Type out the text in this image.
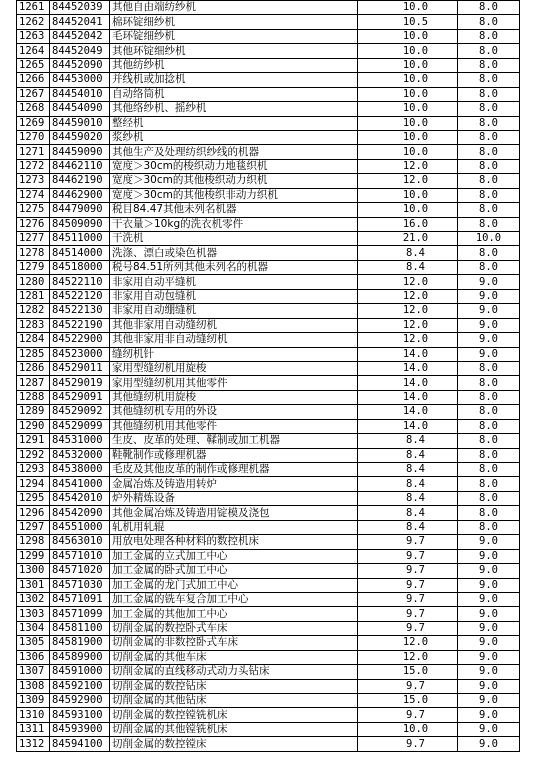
1261	84452039	其他自由端纺纱机	10.0	8.0
1262	84452041	棉环锭细纱机	10.5	8.0
1263	84452042	毛环锭细纱机	10.0	8.0
1264	84452049	其他环锭细纱机	10.0	8.0
1265	84452090	其他纺纱机	10.0	8.0
1266	84453000	并线机或加捻机	10.0	8.0
1267	84454010	自动络筒机	10.0	8.0
1268	84454090	其他络纱机、摇纱机	10.0	8.0
1269	84459010	整经机	10.0	8.0
1270	84459020	浆纱机	10.0	8.0
1271	84459090	其他生产及处理纺织纱线的机器	10.0	8.0
1272	84462110	宽度＞30cm的梭织动力地毯织机	12.0	8.0
1273	84462190	宽度＞30cm的其他梭织动力织机	12.0	8.0
1274	84462900	宽度＞30cm的其他梭织非动力织机	10.0	8.0
1275	84479090	税目84.47其他未列名机器	10.0	8.0
1276	84509090	干衣量＞10kg的洗衣机零件	16.0	8.0
1277	84511000	干洗机	21.0	10.0
1278	84514000	洗涤、漂白或染色机器	8.4	8.0
1279	84518000	税号84.51所列其他未列名的机器	8.4	8.0
1280	84522110	非家用自动平缝机	12.0	9.0
1281	84522120	非家用自动包缝机	12.0	9.0
1282	84522130	非家用自动绷缝机	12.0	9.0
1283	84522190	其他非家用自动缝纫机	12.0	9.0
1284	84522900	其他非家用非自动缝纫机	12.0	9.0
1285	84523000	缝纫机针	14.0	9.0
1286	84529011	家用型缝纫机用旋梭	14.0	8.0
1287	84529019	家用型缝纫机用其他零件	14.0	8.0
1288	84529091	其他缝纫机用旋梭	14.0	8.0
1289	84529092	其他缝纫机专用的外设	14.0	8.0
1290	84529099	其他缝纫机用其他零件	14.0	8.0
1291	84531000	生皮、皮革的处理、鞣制或加工机器	8.4	8.0
1292	84532000	鞋靴制作或修理机器	8.4	8.0
1293	84538000	毛皮及其他皮革的制作或修理机器	8.4	8.0
1294	84541000	金属冶炼及铸造用转炉	8.4	8.0
1295	84542010	炉外精炼设备	8.4	8.0
1296	84542090	其他金属冶炼及铸造用锭模及浇包	8.4	8.0
1297	84551000	轧机用轧辊	8.4	8.0
1298	84563010	用放电处理各种材料的数控机床	9.7	9.0
1299	84571010	加工金属的立式加工中心	9.7	9.0
1300	84571020	加工金属的卧式加工中心	9.7	9.0
1301	84571030	加工金属的龙门式加工中心	9.7	9.0
1302	84571091	加工金属的铣车复合加工中心	9.7	9.0
1303	84571099	加工金属的其他加工中心	9.7	9.0
1304	84581100	切削金属的数控卧式车床	9.7	9.0
1305	84581900	切削金属的非数控卧式车床	12.0	9.0
1306	84589900	切削金属的其他车床	12.0	9.0
1307	84591000	切削金属的直线移动式动力头钻床	15.0	9.0
1308	84592100	切削金属的数控钻床	9.7	9.0
1309	84592900	切削金属的其他钻床	15.0	9.0
1310	84593100	切削金属的数控镗铣机床	9.7	9.0
1311	84593900	切削金属的其他镗铣机床	10.0	9.0
1312	84594100	切削金属的数控镗床	9.7	9.0
